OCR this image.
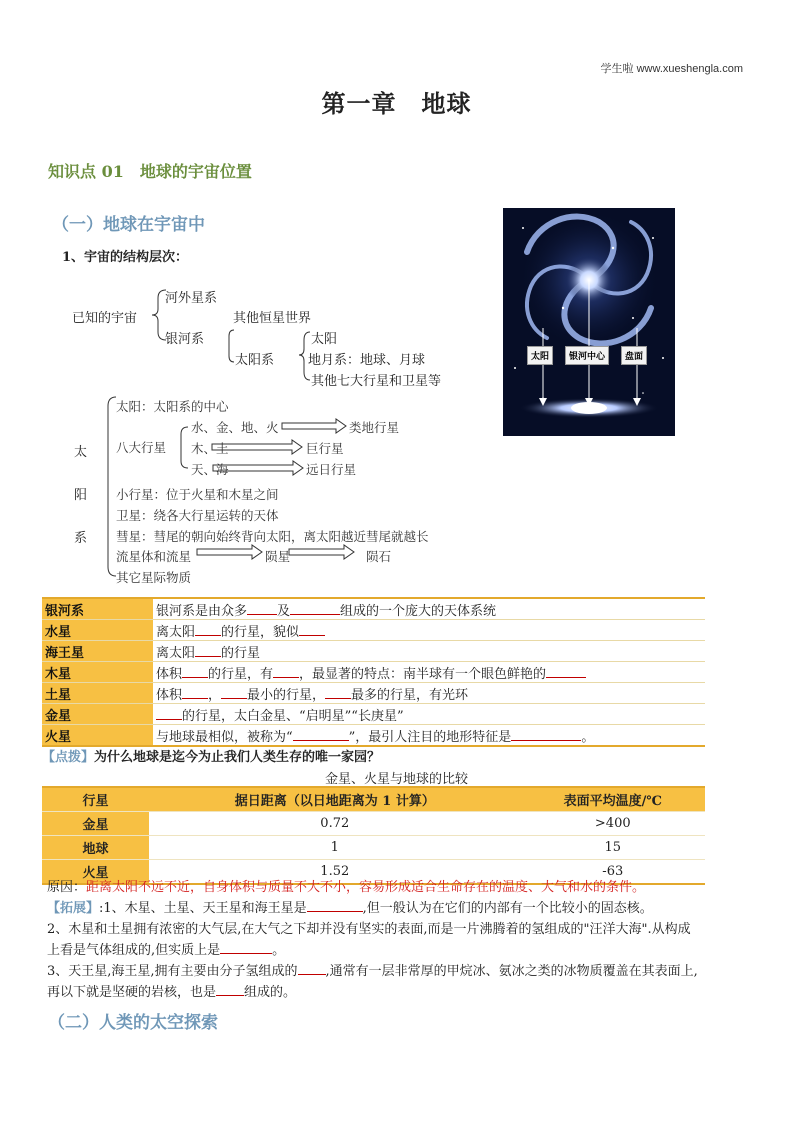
学生啦 www.xueshengla.com
第一章　地球
知识点 01　地球的宇宙位置
（一）地球在宇宙中
1、宇宙的结构层次：
已知的宇宙
河外星系
银河系
其他恒星世界
太阳系
太阳
地月系：地球、月球
其他七大行星和卫星等
太
阳
系
太阳：太阳系的中心
八大行星
水、金、地、火	类地行星
木、土	巨行星
天、海	远日行星
小行星：位于火星和木星之间
卫星：绕各大行星运转的天体
彗星：彗尾的朝向始终背向太阳，离太阳越近彗尾就越长
流星体和流星	陨星	陨石
其它星际物质
太阳	银河中心	盘面
银河系	银河系是由众多 及 组成的一个庞大的天体系统
水星	离太阳 的行星，貌似
海王星	离太阳 的行星
木星	体积 的行星，有 ，最显著的特点：南半球有一个眼色鲜艳的
土星	体积 ， 最小的行星， 最多的行星，有光环
金星	的行星，太白金星、“启明星”“长庚星”
火星	与地球最相似，被称为“ ”，最引人注目的地形特征是 。
【点拨】为什么地球是迄今为止我们人类生存的唯一家园？
金星、火星与地球的比较
行星	据日距离（以日地距离为 1 计算）	表面平均温度/℃
金星	0.72	>400
地球	1	15
火星	1.52	-63
原因：距离太阳不远不近，自身体积与质量不大不小，容易形成适合生命存在的温度、大气和水的条件。
【拓展】:1、木星、土星、天王星和海王星是	,但一般认为在它们的内部有一个比较小的固态核。
2、木星和土星拥有浓密的大气层,在大气之下却并没有坚实的表面,而是一片沸腾着的氢组成的"汪洋大海".从构成
上看是气体组成的,但实质上是	。
3、天王星,海王星,拥有主要由分子氢组成的 ,通常有一层非常厚的甲烷冰、氨冰之类的冰物质覆盖在其表面上,
再以下就是坚硬的岩核，也是 组成的。
（二）人类的太空探索
